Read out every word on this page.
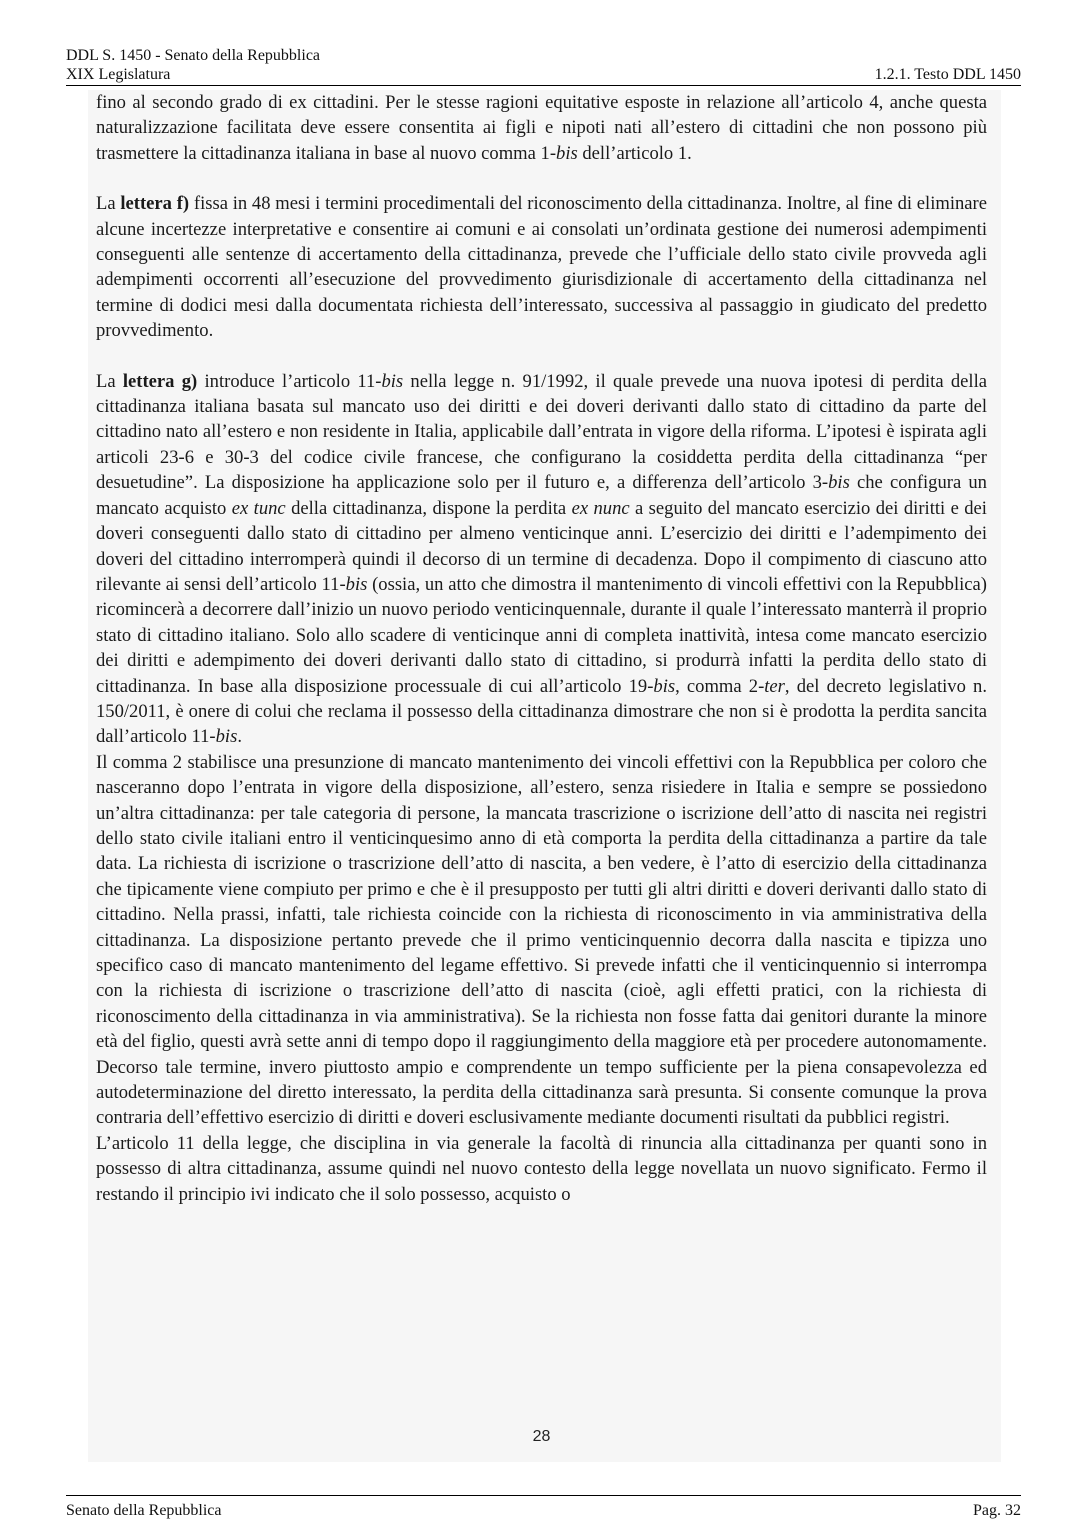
DDL S. 1450 - Senato della Repubblica
XIX Legislatura	1.2.1. Testo DDL 1450

fino al secondo grado di ex cittadini. Per le stesse ragioni equitative esposte in relazione all’articolo 4, anche questa naturalizzazione facilitata deve essere consentita ai figli e nipoti nati all’estero di cittadini che non possono più trasmettere la cittadinanza italiana in base al nuovo comma 1-bis dell’articolo 1.

La lettera f) fissa in 48 mesi i termini procedimentali del riconoscimento della cittadinanza. Inoltre, al fine di eliminare alcune incertezze interpretative e consentire ai comuni e ai consolati un’ordinata gestione dei numerosi adempimenti conseguenti alle sentenze di accertamento della cittadinanza, prevede che l’ufficiale dello stato civile provveda agli adempimenti occorrenti all’esecuzione del provvedimento giurisdizionale di accertamento della cittadinanza nel termine di dodici mesi dalla documentata richiesta dell’interessato, successiva al passaggio in giudicato del predetto provvedimento.

La lettera g) introduce l’articolo 11-bis nella legge n. 91/1992, il quale prevede una nuova ipotesi di perdita della cittadinanza italiana basata sul mancato uso dei diritti e dei doveri derivanti dallo stato di cittadino da parte del cittadino nato all’estero e non residente in Italia, applicabile dall’entrata in vigore della riforma. L’ipotesi è ispirata agli articoli 23-6 e 30-3 del codice civile francese, che configurano la cosiddetta perdita della cittadinanza “per desuetudine”. La disposizione ha applicazione solo per il futuro e, a differenza dell’articolo 3-bis che configura un mancato acquisto ex tunc della cittadinanza, dispone la perdita ex nunc a seguito del mancato esercizio dei diritti e dei doveri conseguenti dallo stato di cittadino per almeno venticinque anni. L’esercizio dei diritti e l’adempimento dei doveri del cittadino interromperà quindi il decorso di un termine di decadenza. Dopo il compimento di ciascuno atto rilevante ai sensi dell’articolo 11-bis (ossia, un atto che dimostra il mantenimento di vincoli effettivi con la Repubblica) ricomincerà a decorrere dall’inizio un nuovo periodo venticinquennale, durante il quale l’interessato manterrà il proprio stato di cittadino italiano. Solo allo scadere di venticinque anni di completa inattività, intesa come mancato esercizio dei diritti e adempimento dei doveri derivanti dallo stato di cittadino, si produrrà infatti la perdita dello stato di cittadinanza. In base alla disposizione processuale di cui all’articolo 19-bis, comma 2-ter, del decreto legislativo n. 150/2011, è onere di colui che reclama il possesso della cittadinanza dimostrare che non si è prodotta la perdita sancita dall’articolo 11-bis.

Il comma 2 stabilisce una presunzione di mancato mantenimento dei vincoli effettivi con la Repubblica per coloro che nasceranno dopo l’entrata in vigore della disposizione, all’estero, senza risiedere in Italia e sempre se possiedono un’altra cittadinanza: per tale categoria di persone, la mancata trascrizione o iscrizione dell’atto di nascita nei registri dello stato civile italiani entro il venticinquesimo anno di età comporta la perdita della cittadinanza a partire da tale data. La richiesta di iscrizione o trascrizione dell’atto di nascita, a ben vedere, è l’atto di esercizio della cittadinanza che tipicamente viene compiuto per primo e che è il presupposto per tutti gli altri diritti e doveri derivanti dallo stato di cittadino. Nella prassi, infatti, tale richiesta coincide con la richiesta di riconoscimento in via amministrativa della cittadinanza. La disposizione pertanto prevede che il primo venticinquennio decorra dalla nascita e tipizza uno specifico caso di mancato mantenimento del legame effettivo. Si prevede infatti che il venticinquennio si interrompa con la richiesta di iscrizione o trascrizione dell’atto di nascita (cioè, agli effetti pratici, con la richiesta di riconoscimento della cittadinanza in via amministrativa). Se la richiesta non fosse fatta dai genitori durante la minore età del figlio, questi avrà sette anni di tempo dopo il raggiungimento della maggiore età per procedere autonomamente. Decorso tale termine, invero piuttosto ampio e comprendente un tempo sufficiente per la piena consapevolezza ed autodeterminazione del diretto interessato, la perdita della cittadinanza sarà presunta. Si consente comunque la prova contraria dell’effettivo esercizio di diritti e doveri esclusivamente mediante documenti risultati da pubblici registri.

L’articolo 11 della legge, che disciplina in via generale la facoltà di rinuncia alla cittadinanza per quanti sono in possesso di altra cittadinanza, assume quindi nel nuovo contesto della legge novellata un nuovo significato. Fermo il restando il principio ivi indicato che il solo possesso, acquisto o

28
Senato della Repubblica	Pag. 32
